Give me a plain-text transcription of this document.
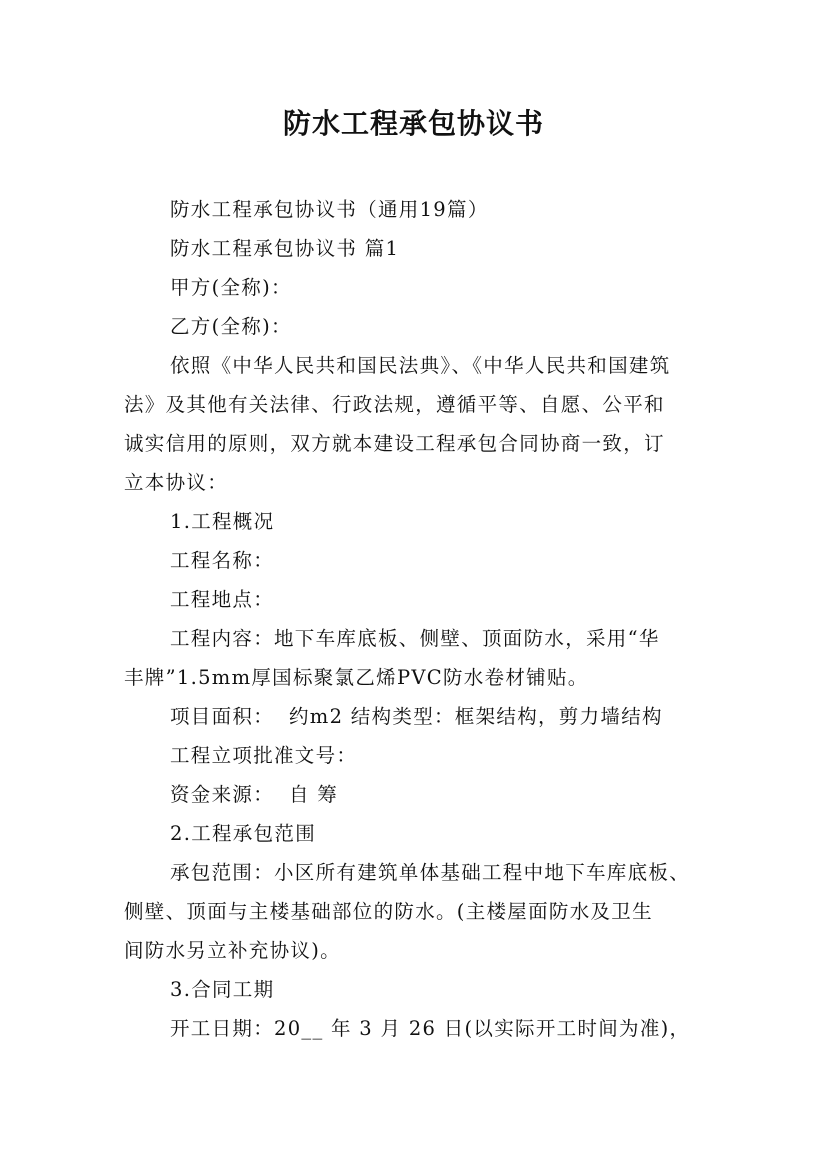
防水工程承包协议书
防水工程承包协议书（通用19篇）
防水工程承包协议书 篇1
甲方(全称)：
乙方(全称)：
依照《中华人民共和国民法典》、《中华人民共和国建筑
法》及其他有关法律、行政法规，遵循平等、自愿、公平和
诚实信用的原则，双方就本建设工程承包合同协商一致，订
立本协议：
1.工程概况
工程名称：
工程地点：
工程内容：地下车库底板、侧壁、顶面防水，采用“华
丰牌”1.5mm厚国标聚氯乙烯PVC防水卷材铺贴。
项目面积：  约m2 结构类型：框架结构，剪力墙结构
工程立项批准文号：
资金来源：  自 筹
2.工程承包范围
承包范围：小区所有建筑单体基础工程中地下车库底板、
侧壁、顶面与主楼基础部位的防水。(主楼屋面防水及卫生
间防水另立补充协议)。
3.合同工期
开工日期：20__ 年 3 月 26 日(以实际开工时间为准)，
